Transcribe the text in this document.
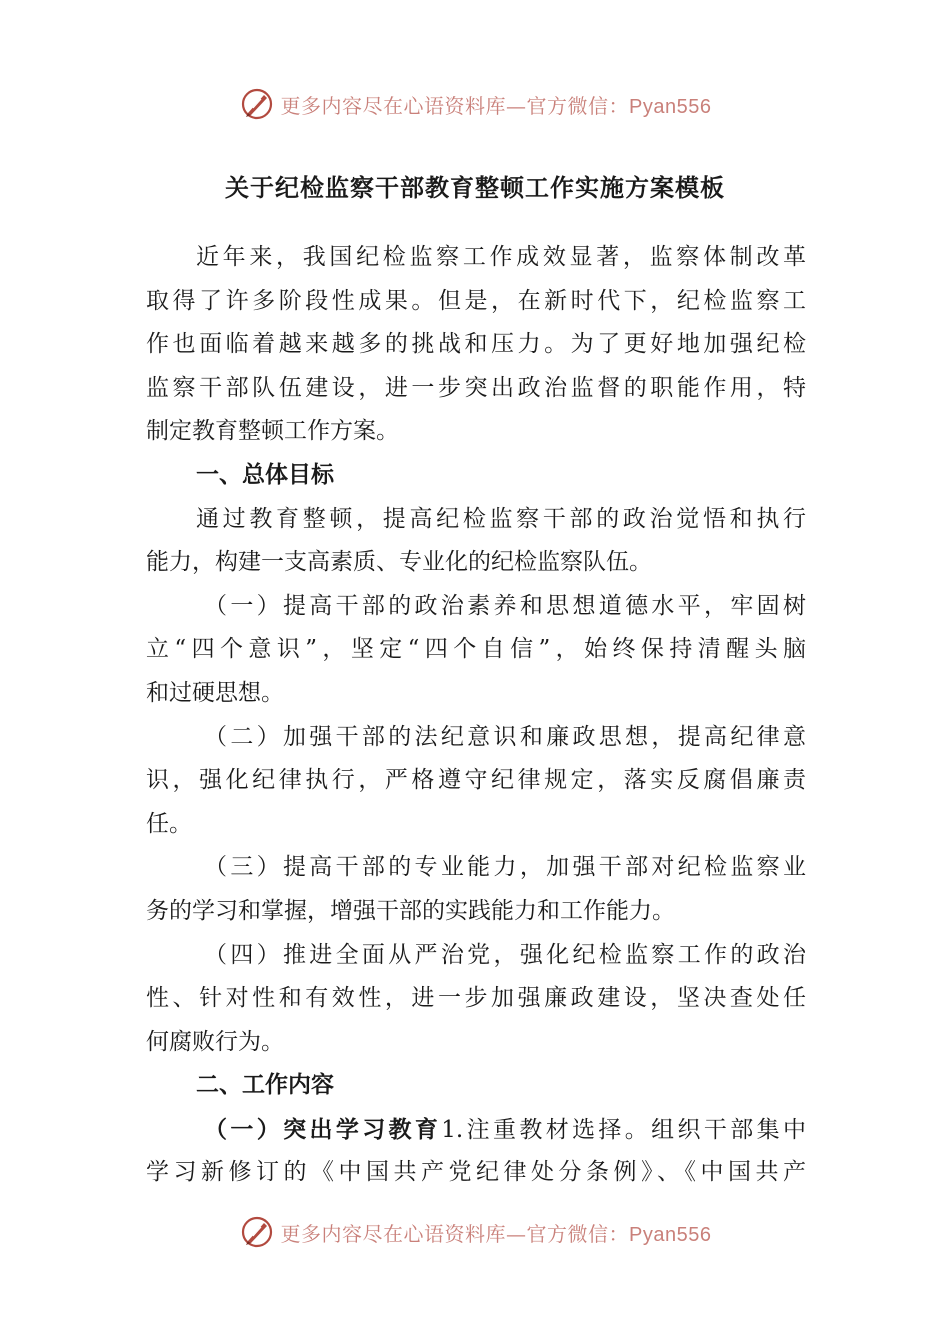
更多内容尽在心语资料库—官方微信：Pyan556
关于纪检监察干部教育整顿工作实施方案模板
近年来，我国纪检监察工作成效显著，监察体制改革
取得了许多阶段性成果。但是，在新时代下，纪检监察工
作也面临着越来越多的挑战和压力。为了更好地加强纪检
监察干部队伍建设，进一步突出政治监督的职能作用，特
制定教育整顿工作方案。
一、总体目标
通过教育整顿，提高纪检监察干部的政治觉悟和执行
能力，构建一支高素质、专业化的纪检监察队伍。
（一）提高干部的政治素养和思想道德水平，牢固树
立“四个意识”，坚定“四个自信”，始终保持清醒头脑
和过硬思想。
（二）加强干部的法纪意识和廉政思想，提高纪律意
识，强化纪律执行，严格遵守纪律规定，落实反腐倡廉责
任。
（三）提高干部的专业能力，加强干部对纪检监察业
务的学习和掌握，增强干部的实践能力和工作能力。
（四）推进全面从严治党，强化纪检监察工作的政治
性、针对性和有效性，进一步加强廉政建设，坚决查处任
何腐败行为。
二、工作内容
（一）突出学习教育1.注重教材选择。组织干部集中
学习新修订的《中国共产党纪律处分条例》、《中国共产
更多内容尽在心语资料库—官方微信：Pyan556
